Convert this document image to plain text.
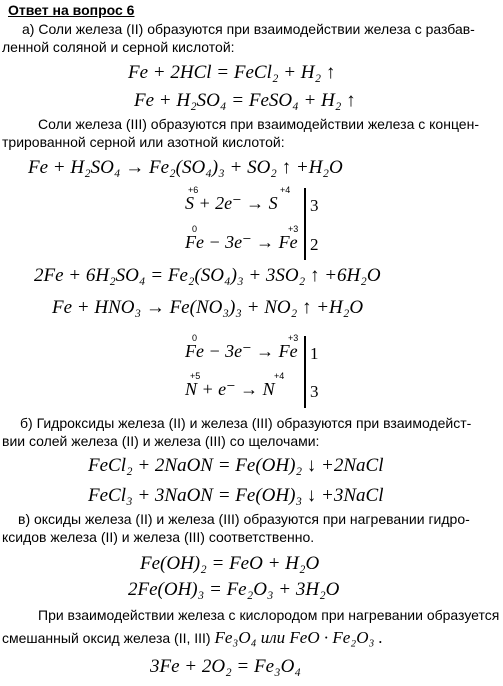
Ответ на вопрос 6
а) Соли железа (II) образуются при взаимодействии железа с разбав-
ленной соляной и серной кислотой:
Fe + 2HCl = FeCl₂ + H₂ ↑
Fe + H₂SO₄ = FeSO₄ + H₂ ↑
Соли железа (III) образуются при взаимодействии железа с концен-
трированной серной или азотной кислотой:
Fe + H₂SO₄ → Fe₂(SO₄)₃ + SO₂ ↑ +H₂O
+6	+4
S + 2e⁻ → S 3
0	+3
Fe − 3e⁻ → Fe 2
2Fe + 6H₂SO₄ = Fe₂(SO₄)₃ + 3SO₂ ↑ +6H₂O
Fe + HNO₃ → Fe(NO₃)₃ + NO₂ ↑ +H₂O
0	+3
Fe − 3e⁻ → Fe 1
+5	+4
N + e⁻ → N 3
б) Гидроксиды железа (II) и железа (III) образуются при взаимодейст-
вии солей железа (II) и железа (III) со щелочами:
FeCl₂ + 2NaON = Fe(OH)₂ ↓ +2NaCl
FeCl₃ + 3NaON = Fe(OH)₃ ↓ +3NaCl
в) оксиды железа (II) и железа (III) образуются при нагревании гидро-
ксидов железа (II) и железа (III) соответственно.
Fe(OH)₂ = FeO + H₂O
2Fe(OH)₃ = Fe₂O₃ + 3H₂O
При взаимодействии железа с кислородом при нагревании образуется
смешанный оксид железа (II, III) Fe₃O₄ или FeO · Fe₂O₃ .
3Fe + 2O₂ = Fe₃O₄
